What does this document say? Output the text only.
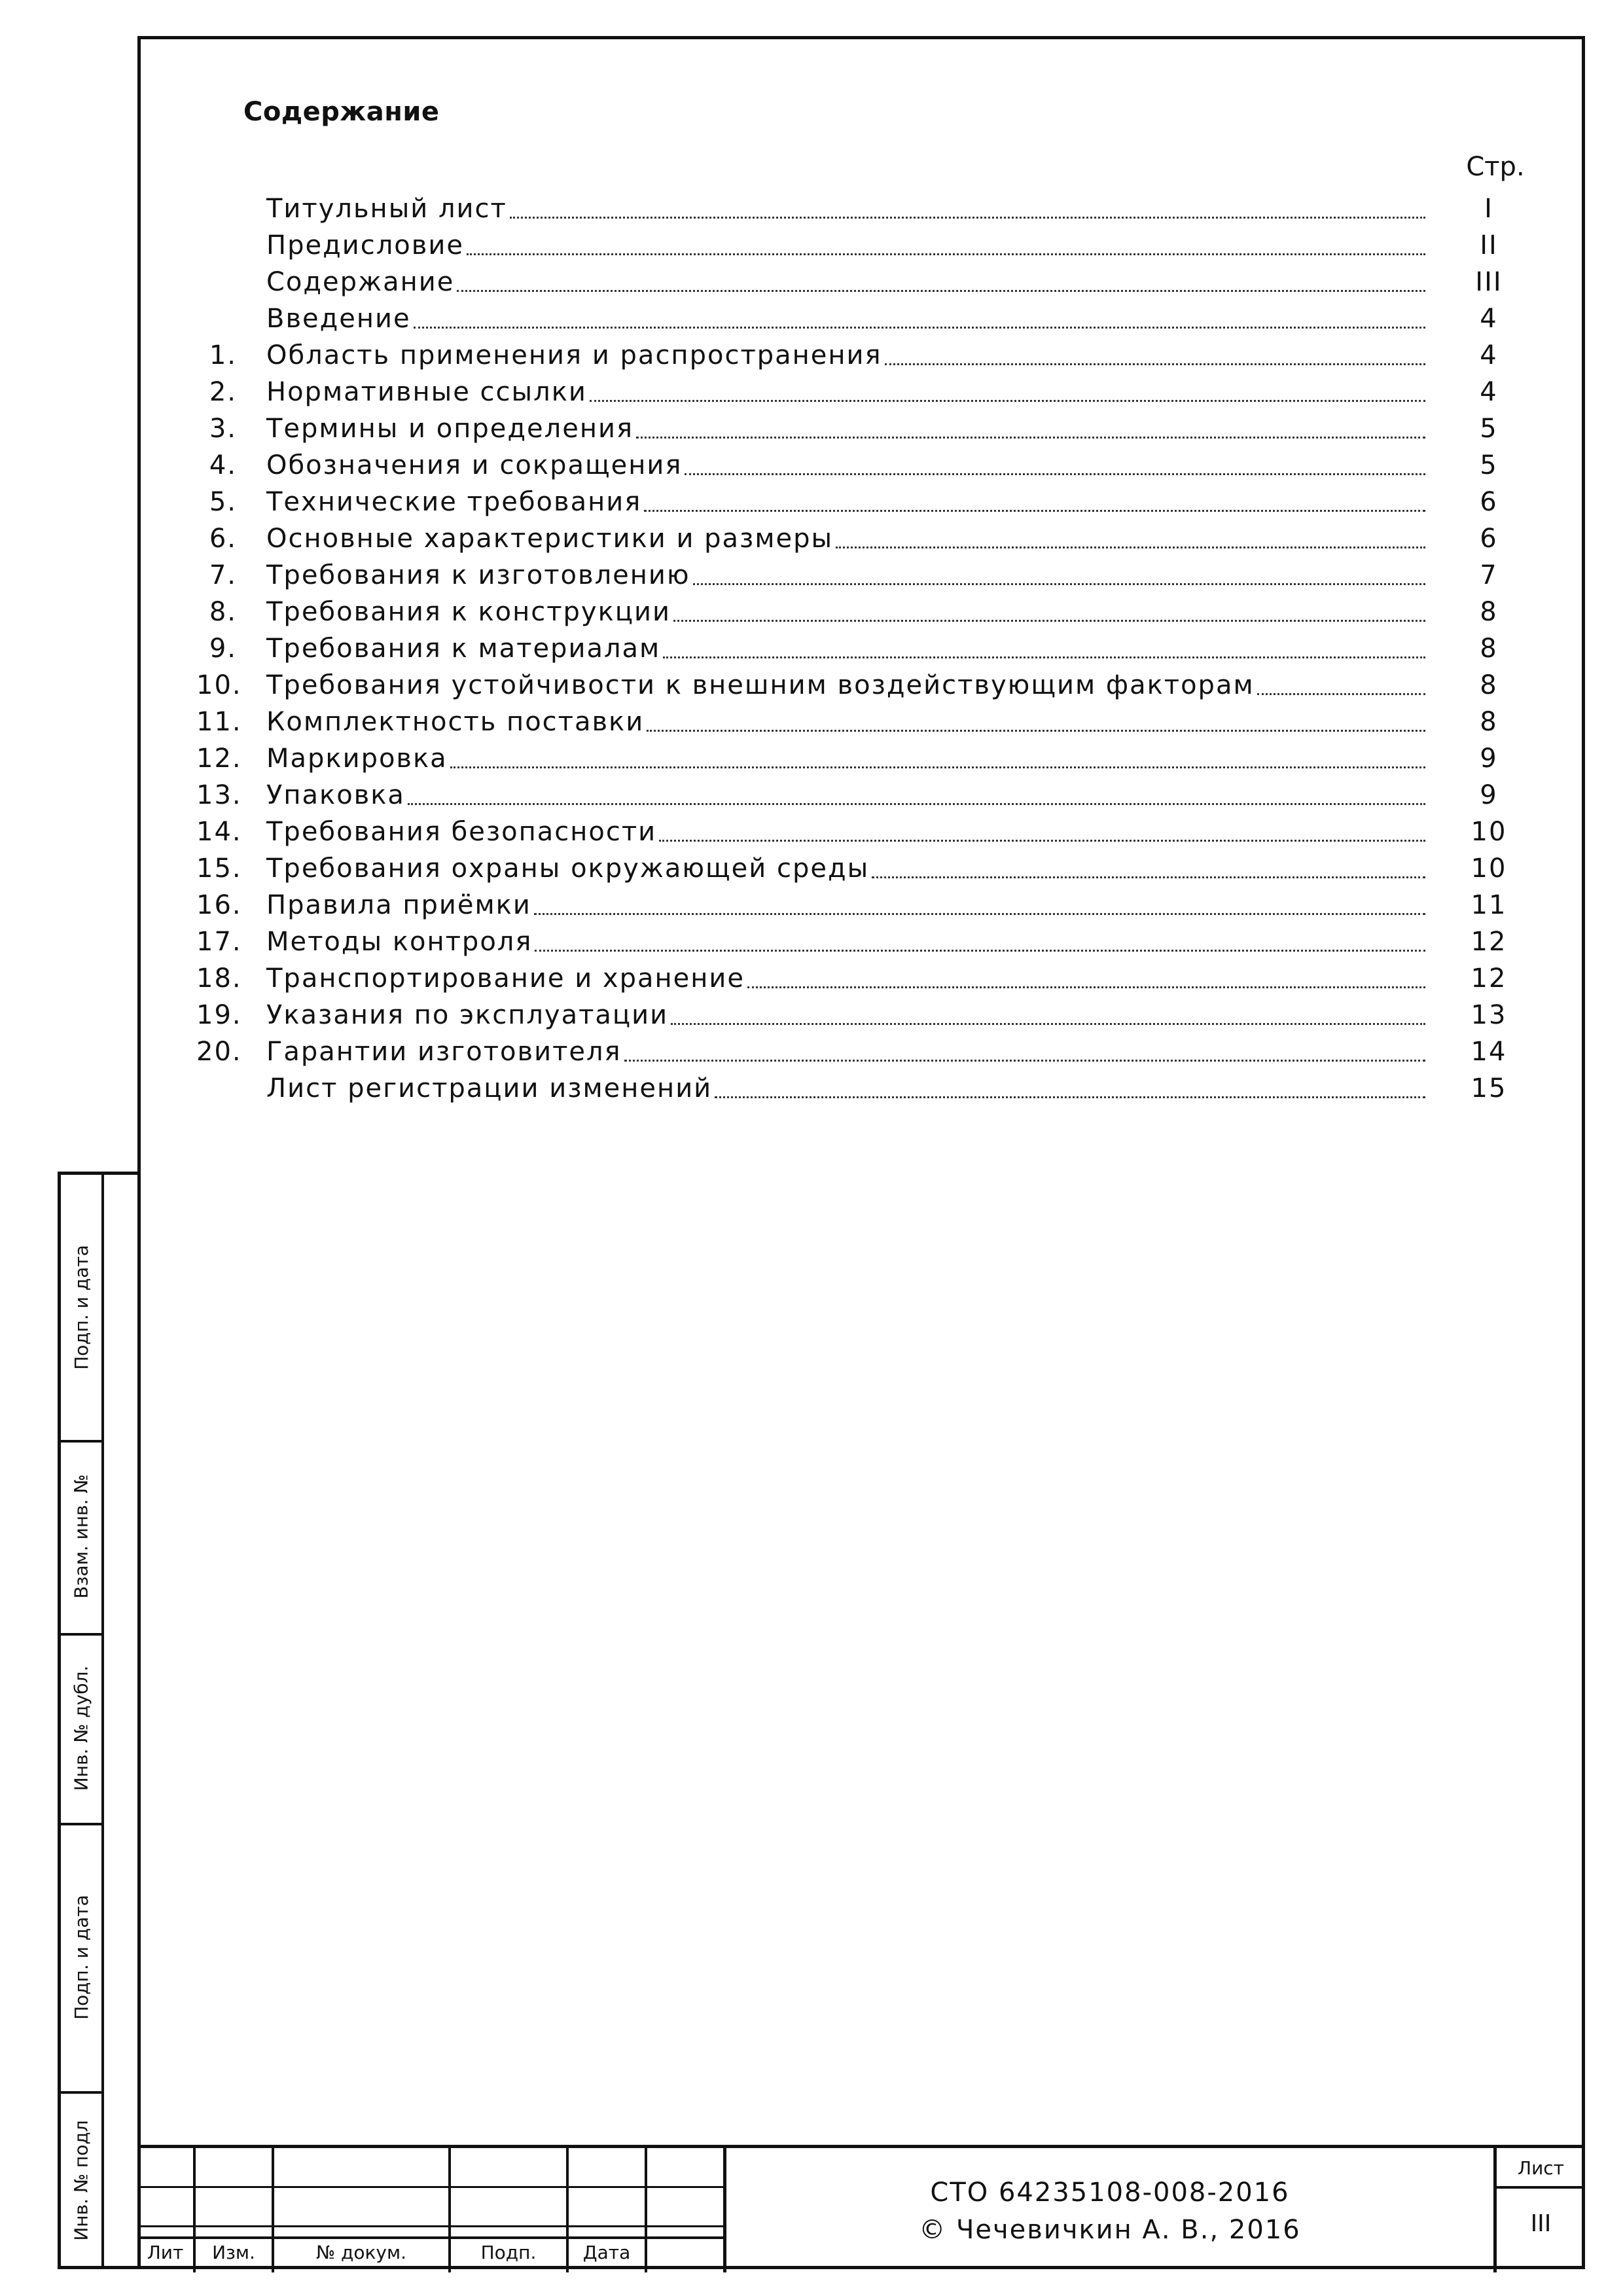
Содержание
Стр.
Титульный лист	I
Предисловие	II
Содержание	III
Введение	4
1. Область применения и распространения	4
2. Нормативные ссылки	4
3. Термины и определения	5
4. Обозначения и сокращения	5
5. Технические требования	6
6. Основные характеристики и размеры	6
7. Требования к изготовлению	7
8. Требования к конструкции	8
9. Требования к материалам	8
10. Требования устойчивости к внешним воздействующим факторам	8
11. Комплектность поставки	8
12. Маркировка	9
13. Упаковка	9
14. Требования безопасности	10
15. Требования охраны окружающей среды	10
16. Правила приёмки	11
17. Методы контроля	12
18. Транспортирование и хранение	12
19. Указания по эксплуатации	13
20. Гарантии изготовителя	14
Лист регистрации изменений	15
Подп. и дата
Взам. инв. №
Инв. № дубл.
Подп. и дата
Инв. № подл
Лит	Изм.	№ докум.	Подп.	Дата
СТО 64235108-008-2016
© Чечевичкин А. В., 2016
Лист
III
